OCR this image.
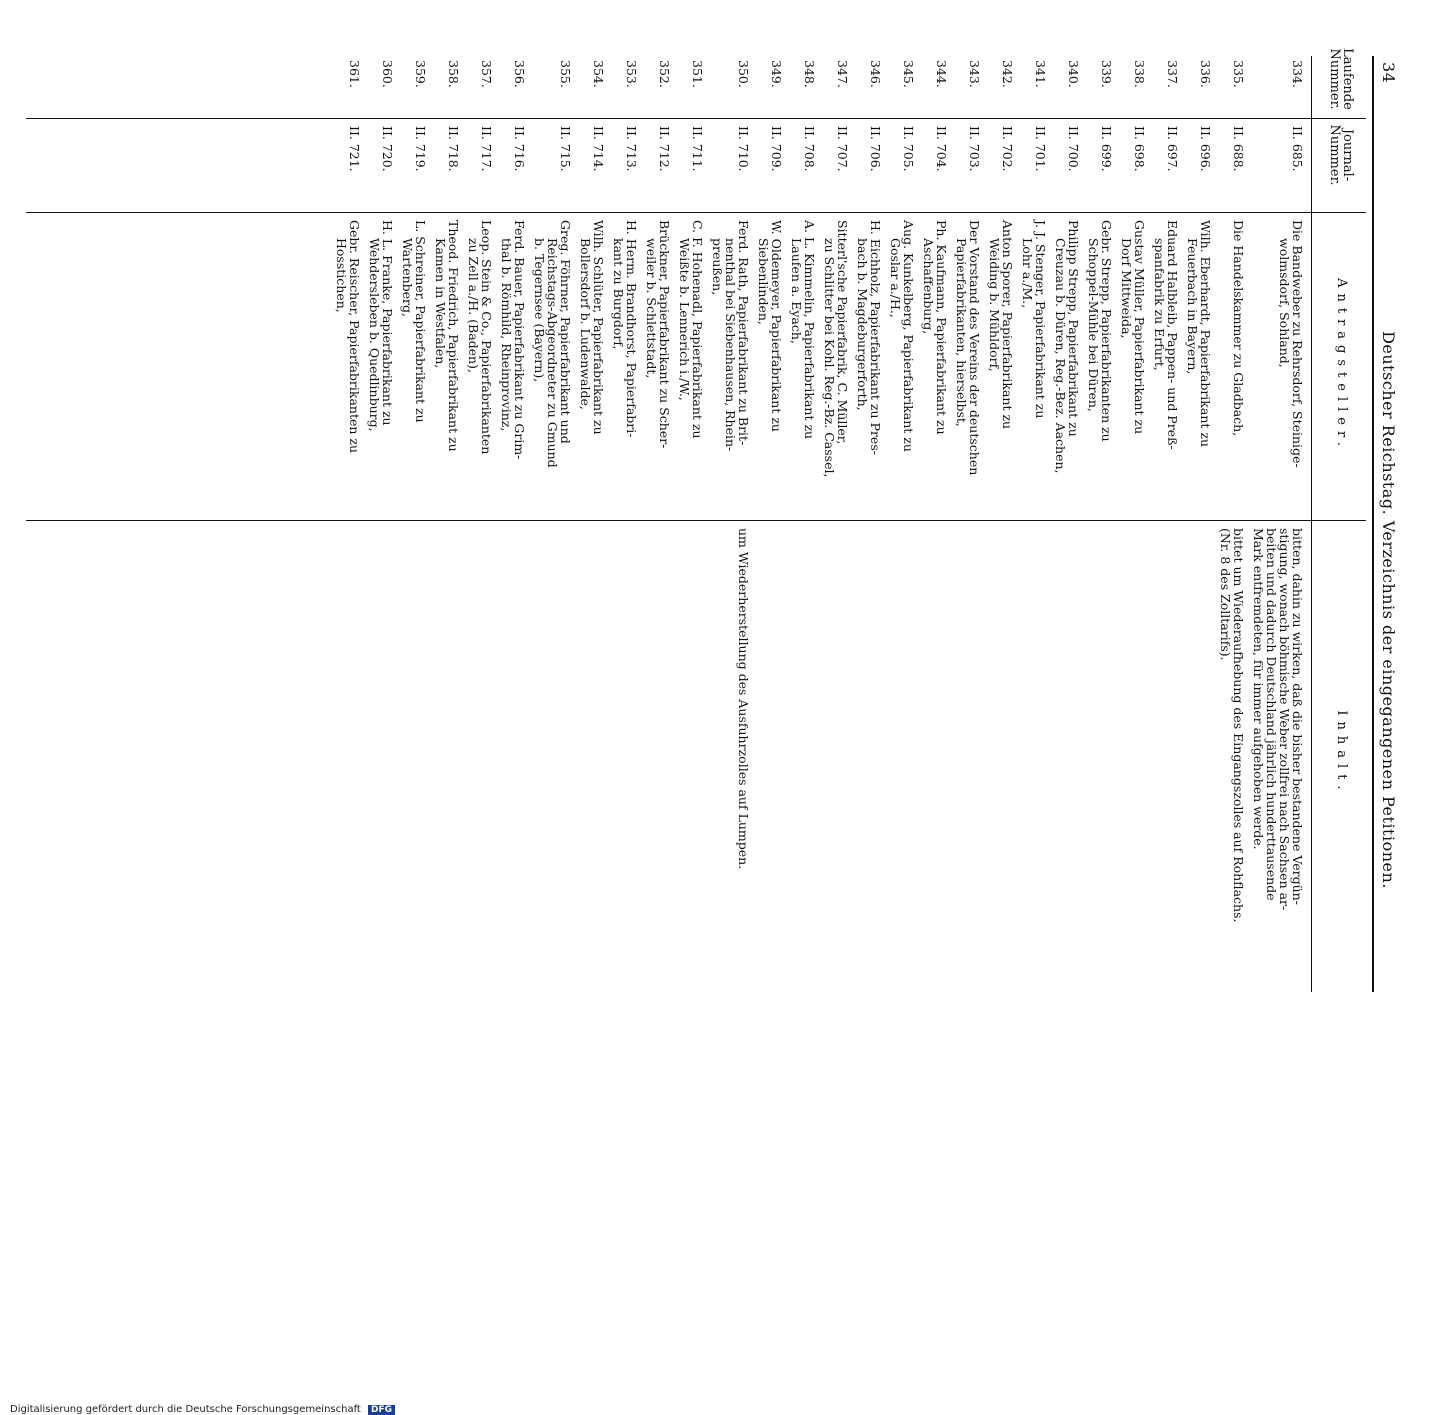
34
Deutscher Reichstag. Verzeichnis der eingegangenen Petitionen.
Laufende Nummer.
Journal- Nummer.
Antragsteller.
Inhalt.
334.
II. 685.
Die Bandweber zu Rehrsdorf, Steinige-
wolmsdorf, Sohland,
bitten, dahin zu wirken, daß die bisher bestandene Vergün-
stigung, wonach böhmische Weber zollfrei nach Sachsen ar-
beiten und dadurch Deutschland jährlich hunderttausende
Mark entfremdeten, für immer aufgehoben werde.
335.
II. 688.
Die Handelskammer zu Gladbach,
bittet um Wiederaufhebung des Eingangszolles auf Rohflachs.
(Nr. 8 des Zolltarifs).
336.
II. 696.
Wilh. Eberhardt, Papierfabrikant zu
Feuerbach in Bayern,
337.
II. 697.
Eduard Halbleib, Pappen- und Preß-
spanfabrik zu Erfurt,
338.
II. 698.
Gustav Müller, Papierfabrikant zu
Dorf Mittweida,
339.
II. 699.
Gebr. Strepp, Papierfabrikanten zu
Schoppel-Mühle bei Düren,
340.
II. 700.
Philipp Strepp, Papierfabrikant zu
Creuzau b. Düren, Reg.-Bez. Aachen,
341.
II. 701.
J. J. Stenger, Papierfabrikant zu
Lohr a./M.,
342.
II. 702.
Anton Sporer, Papierfabrikant zu
Weiding b. Mühldorf,
343.
II. 703.
Der Vorstand des Vereins der deutschen
Papierfabrikanten, hierselbst,
344.
II. 704.
Ph. Kaufmann, Papierfabrikant zu
Aschaffenburg,
345.
II. 705.
Aug. Kunkelberg, Papierfabrikant zu
Goslar a./H.,
346.
II. 706.
H. Eichholz, Papierfabrikant zu Pres-
bach b. Magdeburgerforth,
347.
II. 707.
Sitterl'sche Papierfabrik, C. Müller,
zu Schlitter bei Kohl. Reg.-Bz. Cassel,
348.
II. 708.
A. L. Kimmelin, Papierfabrikant zu
Laufen a. Eyach,
349.
II. 709.
W. Oldemeyer, Papierfabrikant zu
Siebenlinden,
350.
II. 710.
Ferd. Rath, Papierfabrikant zu Brit-
nenthal bei Siebenhausen, Rhein-
preußen,
um Wiederherstellung des Ausfuhrzolles auf Lumpen.
351.
II. 711.
C. F. Hohenadl, Papierfabrikant zu
Weißte b. Lennerich i./W.,
352.
II. 712.
Brückner, Papierfabrikant zu Scher-
weiler b. Schlettstadt,
353.
II. 713.
H. Herm. Brandhorst, Papierfabri-
kant zu Burgdorf,
354.
II. 714.
Wilh. Schlüter, Papierfabrikant zu
Bollersdorf b. Ludenwalde,
355.
II. 715.
Greg. Föhrner, Papierfabrikant und
Reichstags-Abgeordneter zu Gmund
b. Tegernsee (Bayern),
356.
II. 716.
Ferd. Bauer, Papierfabrikant zu Grim-
thal b. Römhild, Rheinprovinz,
357.
II. 717.
Leop. Stein & Co., Papierfabrikanten
zu Zell a./H. (Baden),
358.
II. 718.
Theod. Friedrich, Papierfabrikant zu
Kamen in Westfalen,
359.
II. 719.
L. Schreiner, Papierfabrikant zu
Wartenberg,
360.
II. 720.
H. L. Franke, Papierfabrikant zu
Wehdersleben b. Quedlinburg,
361.
II. 721.
Gebr. Reischer, Papierfabrikanten zu
Hosstichen,
Digitalisierung gefördert durch die Deutsche Forschungsgemeinschaft DFG
